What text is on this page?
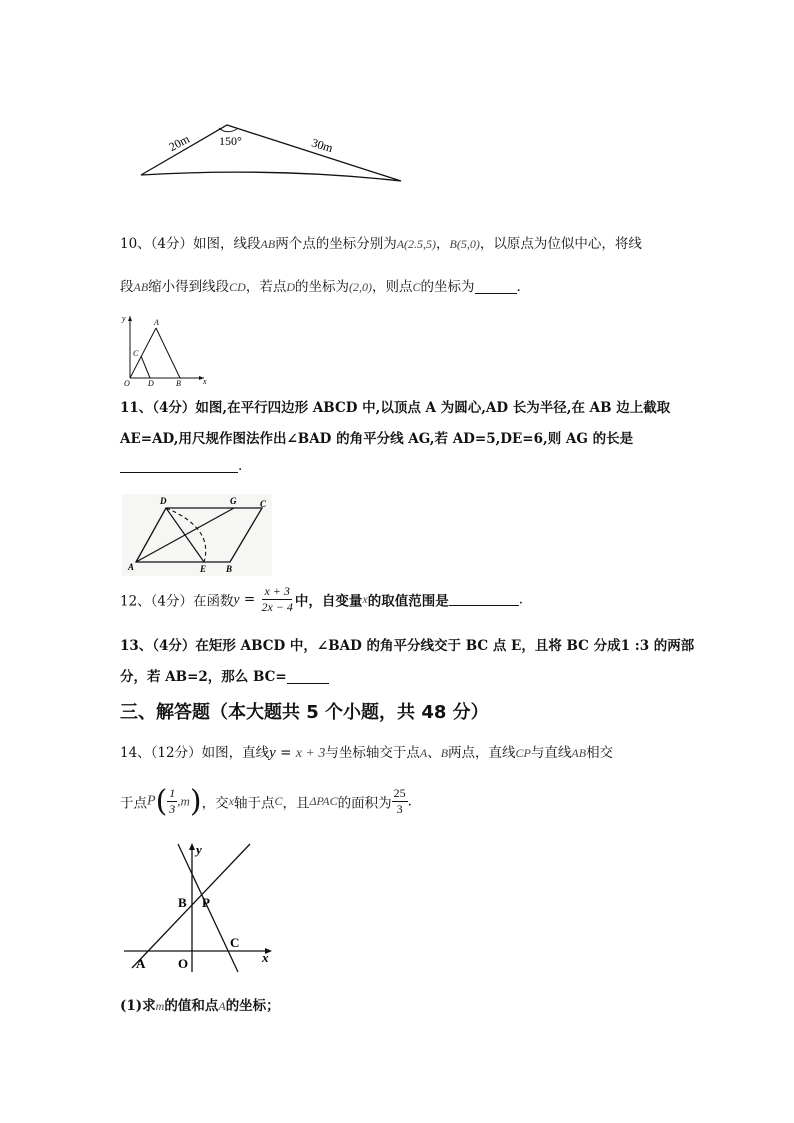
20m 150°	30m
10、（4分）如图，线段AB两个点的坐标分别为A(2.5,5)，B(5,0)，以原点为位似中心，将线
段AB缩小得到线段CD，若点D的坐标为(2,0)，则点C的坐标为	.
y
x
A
C
O D	B
11、（4分）如图,在平行四边形 ABCD 中,以顶点 A 为圆心,AD 长为半径,在 AB 边上截取
AE=AD,用尺规作图法作出∠BAD 的角平分线 AG,若 AD=5,DE=6,则 AG 的长是
.
D	G	C
A	E B
12、（4分）在函数$y = \frac{x + 3}{2x - 4}$ 中，自变量x的取值范围是	.
13、（4分）在矩形 ABCD 中，∠BAD 的角平分线交于 BC 点 E，且将 BC 分成1 :3 的两部
分，若 AB=2，那么 BC=
三、解答题（本大题共 5 个小题，共 48 分）
14、（12分）如图，直线y = x + 3与坐标轴交于点A、B两点，直线CP与直线AB相交
于点$P( \frac{1}{3} ,m)$，交x轴于点C，且ΔPAC的面积为 $\frac{25}{3}$ .
y
x
B P
C
A	O
(1)求m的值和点A的坐标；
